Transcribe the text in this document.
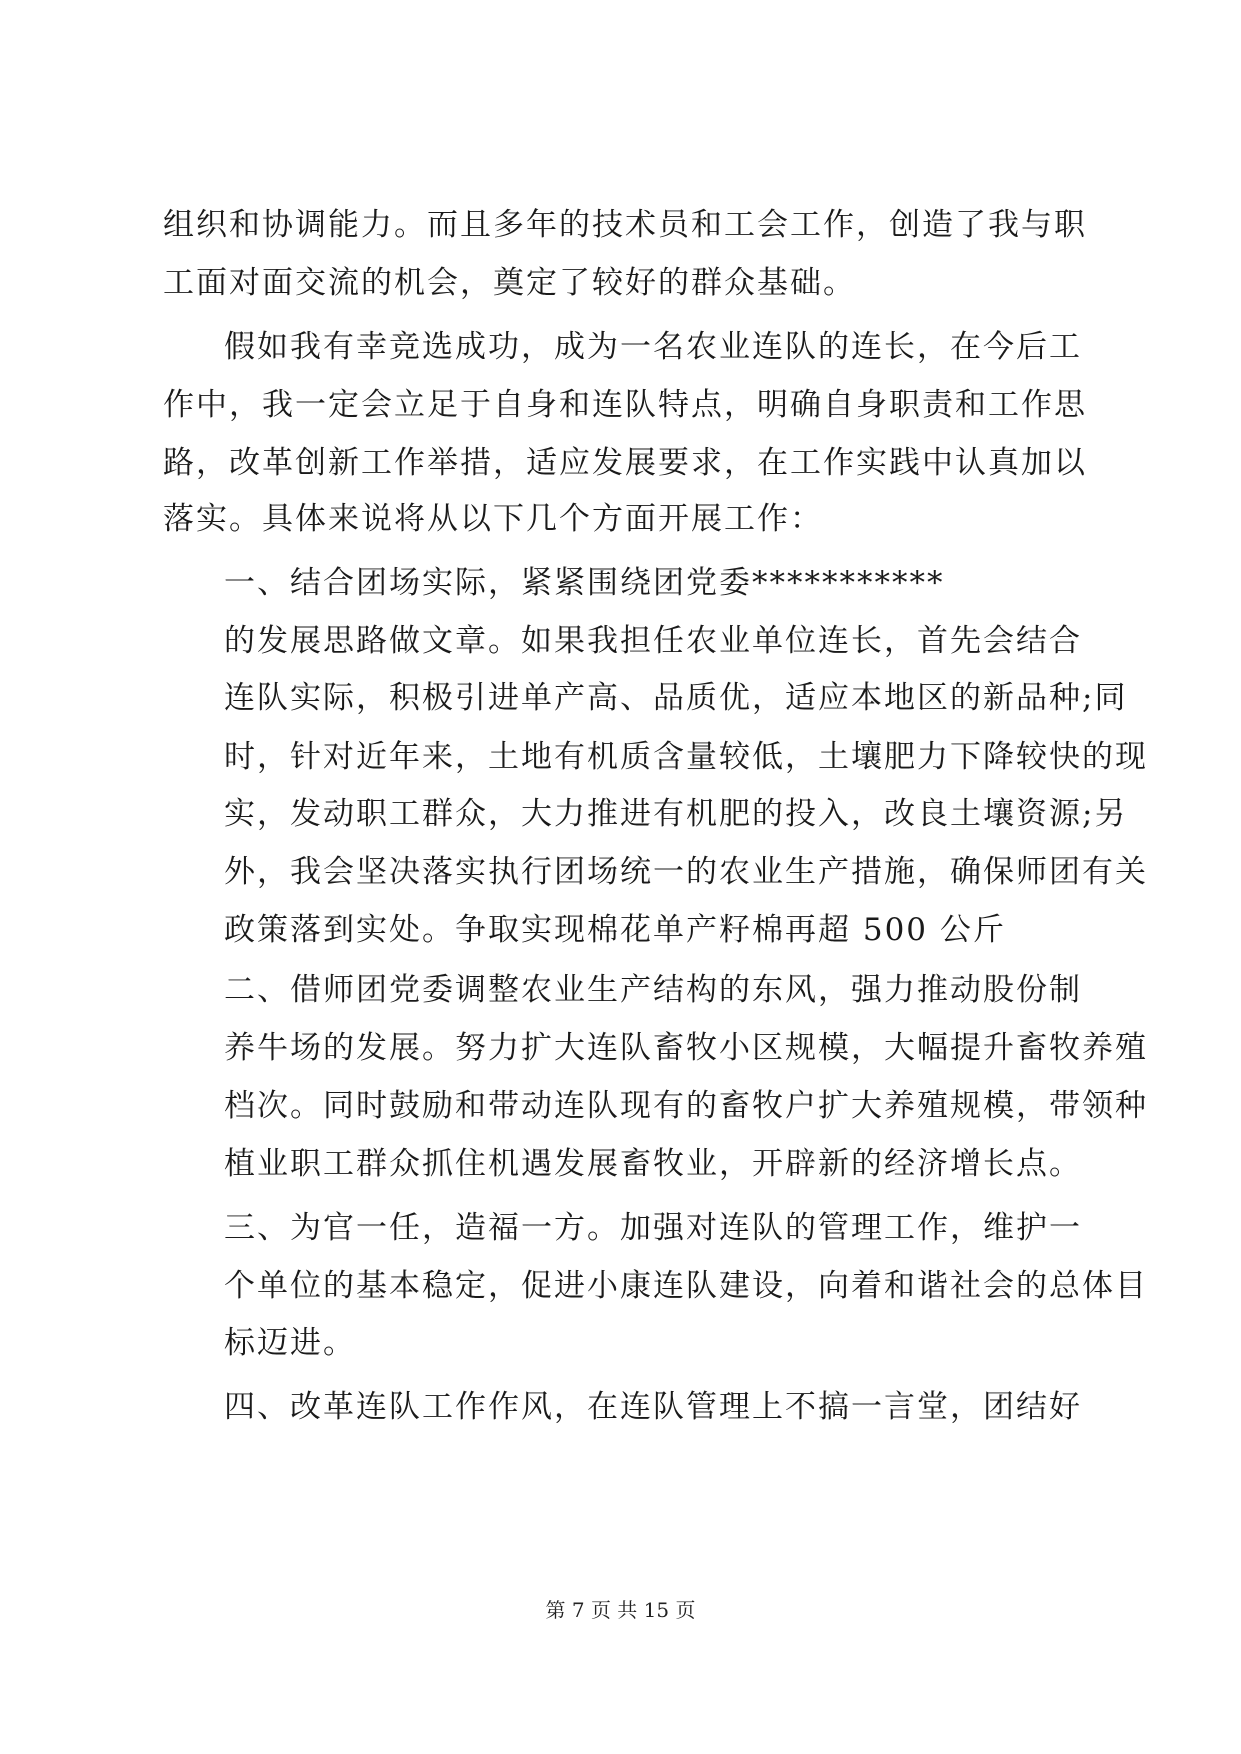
组织和协调能力。而且多年的技术员和工会工作，创造了我与职
工面对面交流的机会，奠定了较好的群众基础。
假如我有幸竞选成功，成为一名农业连队的连长，在今后工
作中，我一定会立足于自身和连队特点，明确自身职责和工作思
路，改革创新工作举措，适应发展要求，在工作实践中认真加以
落实。具体来说将从以下几个方面开展工作：
一、结合团场实际，紧紧围绕团党委***********
的发展思路做文章。如果我担任农业单位连长，首先会结合
连队实际，积极引进单产高、品质优，适应本地区的新品种;同
时，针对近年来，土地有机质含量较低，土壤肥力下降较快的现
实，发动职工群众，大力推进有机肥的投入，改良土壤资源;另
外，我会坚决落实执行团场统一的农业生产措施，确保师团有关
政策落到实处。争取实现棉花单产籽棉再超 500 公斤
二、借师团党委调整农业生产结构的东风，强力推动股份制
养牛场的发展。努力扩大连队畜牧小区规模，大幅提升畜牧养殖
档次。同时鼓励和带动连队现有的畜牧户扩大养殖规模，带领种
植业职工群众抓住机遇发展畜牧业，开辟新的经济增长点。
三、为官一任，造福一方。加强对连队的管理工作，维护一
个单位的基本稳定，促进小康连队建设，向着和谐社会的总体目
标迈进。
四、改革连队工作作风，在连队管理上不搞一言堂，团结好
第 7 页 共 15 页
